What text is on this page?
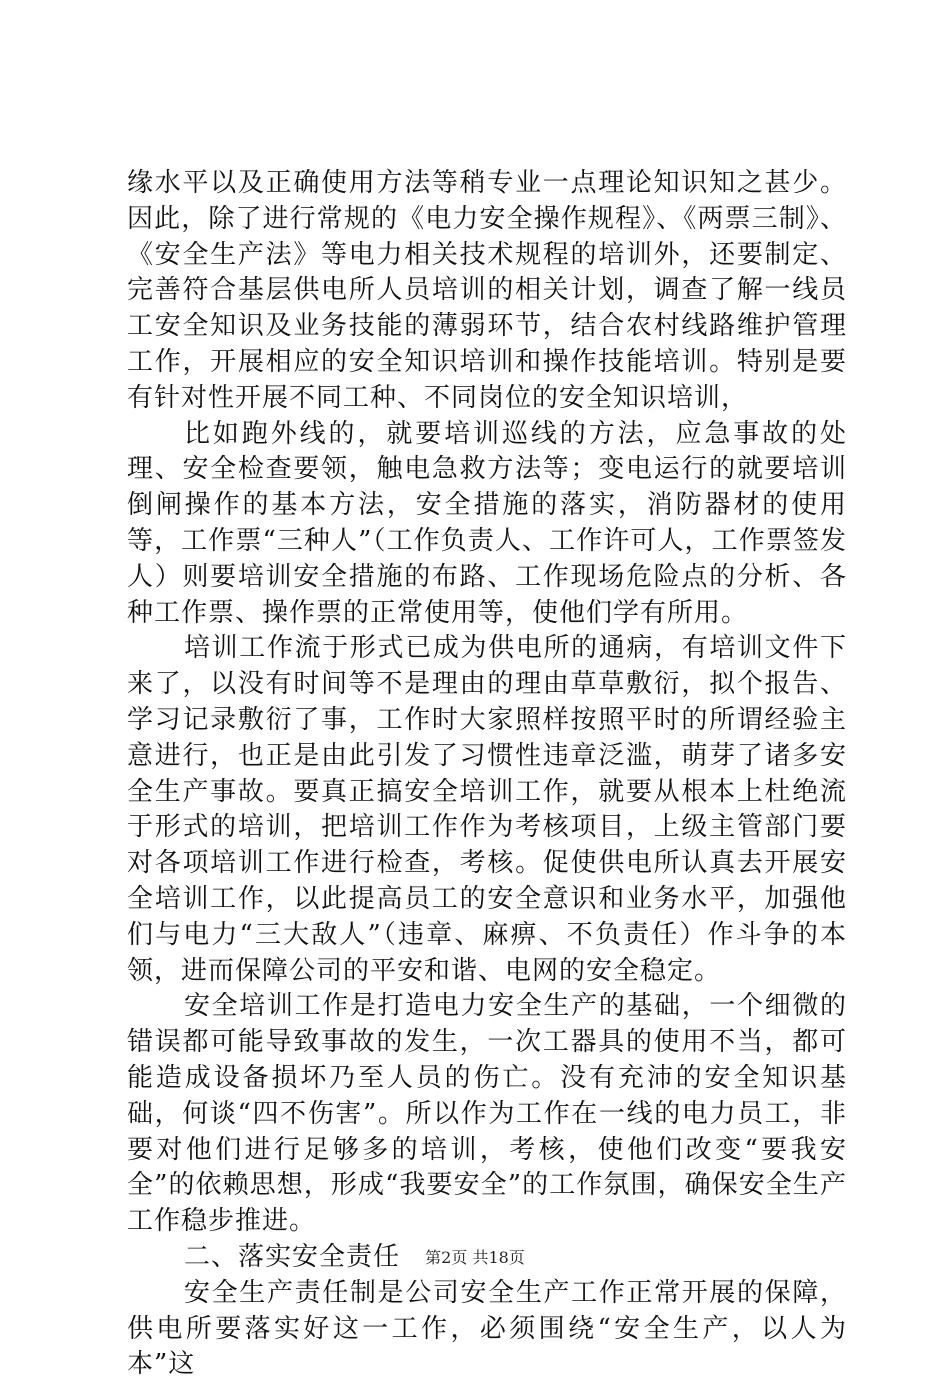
缘水平以及正确使用方法等稍专业一点理论知识知之甚少。因此，除了进行常规的《电力安全操作规程》、《两票三制》、《安全生产法》等电力相关技术规程的培训外，还要制定、完善符合基层供电所人员培训的相关计划，调查了解一线员工安全知识及业务技能的薄弱环节，结合农村线路维护管理工作，开展相应的安全知识培训和操作技能培训。特别是要有针对性开展不同工种、不同岗位的安全知识培训，

比如跑外线的，就要培训巡线的方法，应急事故的处理、安全检查要领，触电急救方法等；变电运行的就要培训倒闸操作的基本方法，安全措施的落实，消防器材的使用等，工作票“三种人”（工作负责人、工作许可人，工作票签发人）则要培训安全措施的布路、工作现场危险点的分析、各种工作票、操作票的正常使用等，使他们学有所用。

培训工作流于形式已成为供电所的通病，有培训文件下来了，以没有时间等不是理由的理由草草敷衍，拟个报告、学习记录敷衍了事，工作时大家照样按照平时的所谓经验主意进行，也正是由此引发了习惯性违章泛滥，萌芽了诸多安全生产事故。要真正搞安全培训工作，就要从根本上杜绝流于形式的培训，把培训工作作为考核项目，上级主管部门要对各项培训工作进行检查，考核。促使供电所认真去开展安全培训工作，以此提高员工的安全意识和业务水平，加强他们与电力“三大敌人”（违章、麻痹、不负责任）作斗争的本领，进而保障公司的平安和谐、电网的安全稳定。

安全培训工作是打造电力安全生产的基础，一个细微的错误都可能导致事故的发生，一次工器具的使用不当，都可能造成设备损坏乃至人员的伤亡。没有充沛的安全知识基础，何谈“四不伤害”。所以作为工作在一线的电力员工，非要对他们进行足够多的培训，考核，使他们改变“要我安全”的依赖思想，形成“我要安全”的工作氛围，确保安全生产工作稳步推进。

二、落实安全责任

安全生产责任制是公司安全生产工作正常开展的保障，供电所要落实好这一工作，必须围绕“安全生产，以人为本”这

第2页 共18页
